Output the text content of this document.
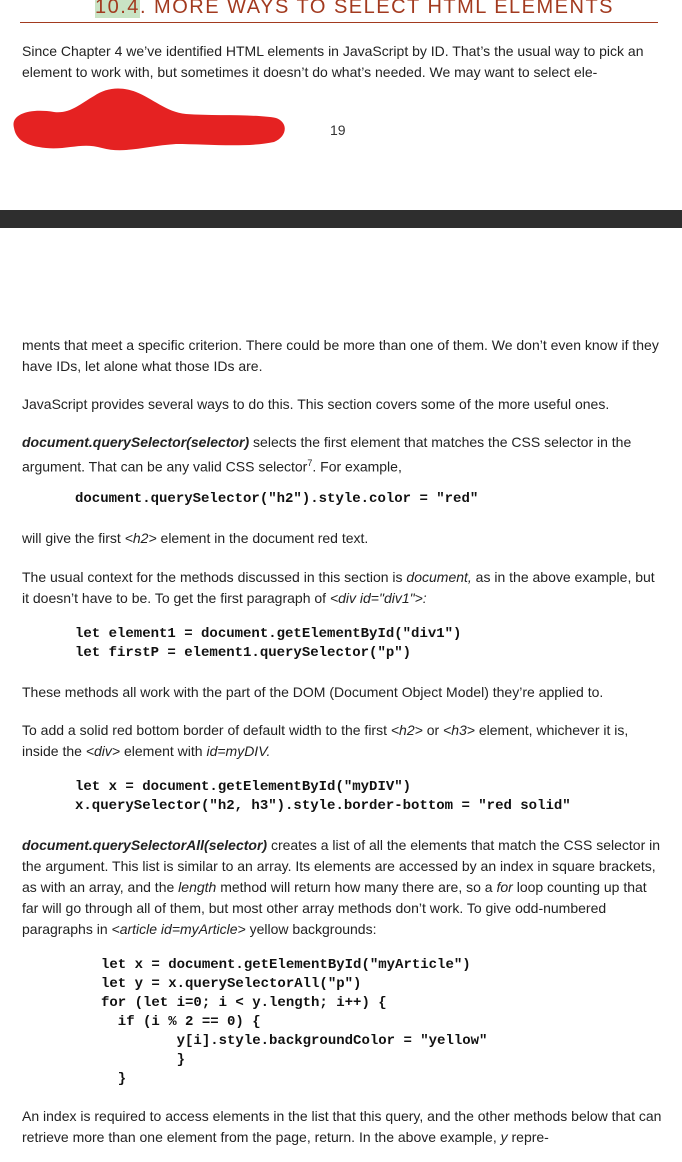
10.4. MORE WAYS TO SELECT HTML ELEMENTS

Since Chapter 4 we’ve identified HTML elements in JavaScript by ID. That’s the usual way to pick an element to work with, but sometimes it doesn’t do what’s needed. We may want to select ele-

19

ments that meet a specific criterion. There could be more than one of them. We don’t even know if they have IDs, let alone what those IDs are.

JavaScript provides several ways to do this. This section covers some of the more useful ones.

document.querySelector(selector) selects the first element that matches the CSS selector in the argument. That can be any valid CSS selector$^7$. For example,

document.querySelector("h2").style.color = "red"

will give the first <h2> element in the document red text.

The usual context for the methods discussed in this section is document, as in the above example, but it doesn’t have to be. To get the first paragraph of <div id="div1">:

let element1 = document.getElementById("div1")
let firstP = element1.querySelector("p")

These methods all work with the part of the DOM (Document Object Model) they’re applied to.

To add a solid red bottom border of default width to the first <h2> or <h3> element, whichever it is, inside the <div> element with id=myDIV.

let x = document.getElementById("myDIV")
x.querySelector("h2, h3").style.border-bottom = "red solid"

document.querySelectorAll(selector) creates a list of all the elements that match the CSS selector in the argument. This list is similar to an array. Its elements are accessed by an index in square brackets, as with an array, and the length method will return how many there are, so a for loop counting up that far will go through all of them, but most other array methods don’t work. To give odd-numbered paragraphs in <article id=myArticle> yellow backgrounds:

let x = document.getElementById("myArticle")
let y = x.querySelectorAll("p")
for (let i=0; i < y.length; i++) {
if (i % 2 == 0) {
y[i].style.backgroundColor = "yellow"
}
}

An index is required to access elements in the list that this query, and the other methods below that can retrieve more than one element from the page, return. In the above example, y repre-
